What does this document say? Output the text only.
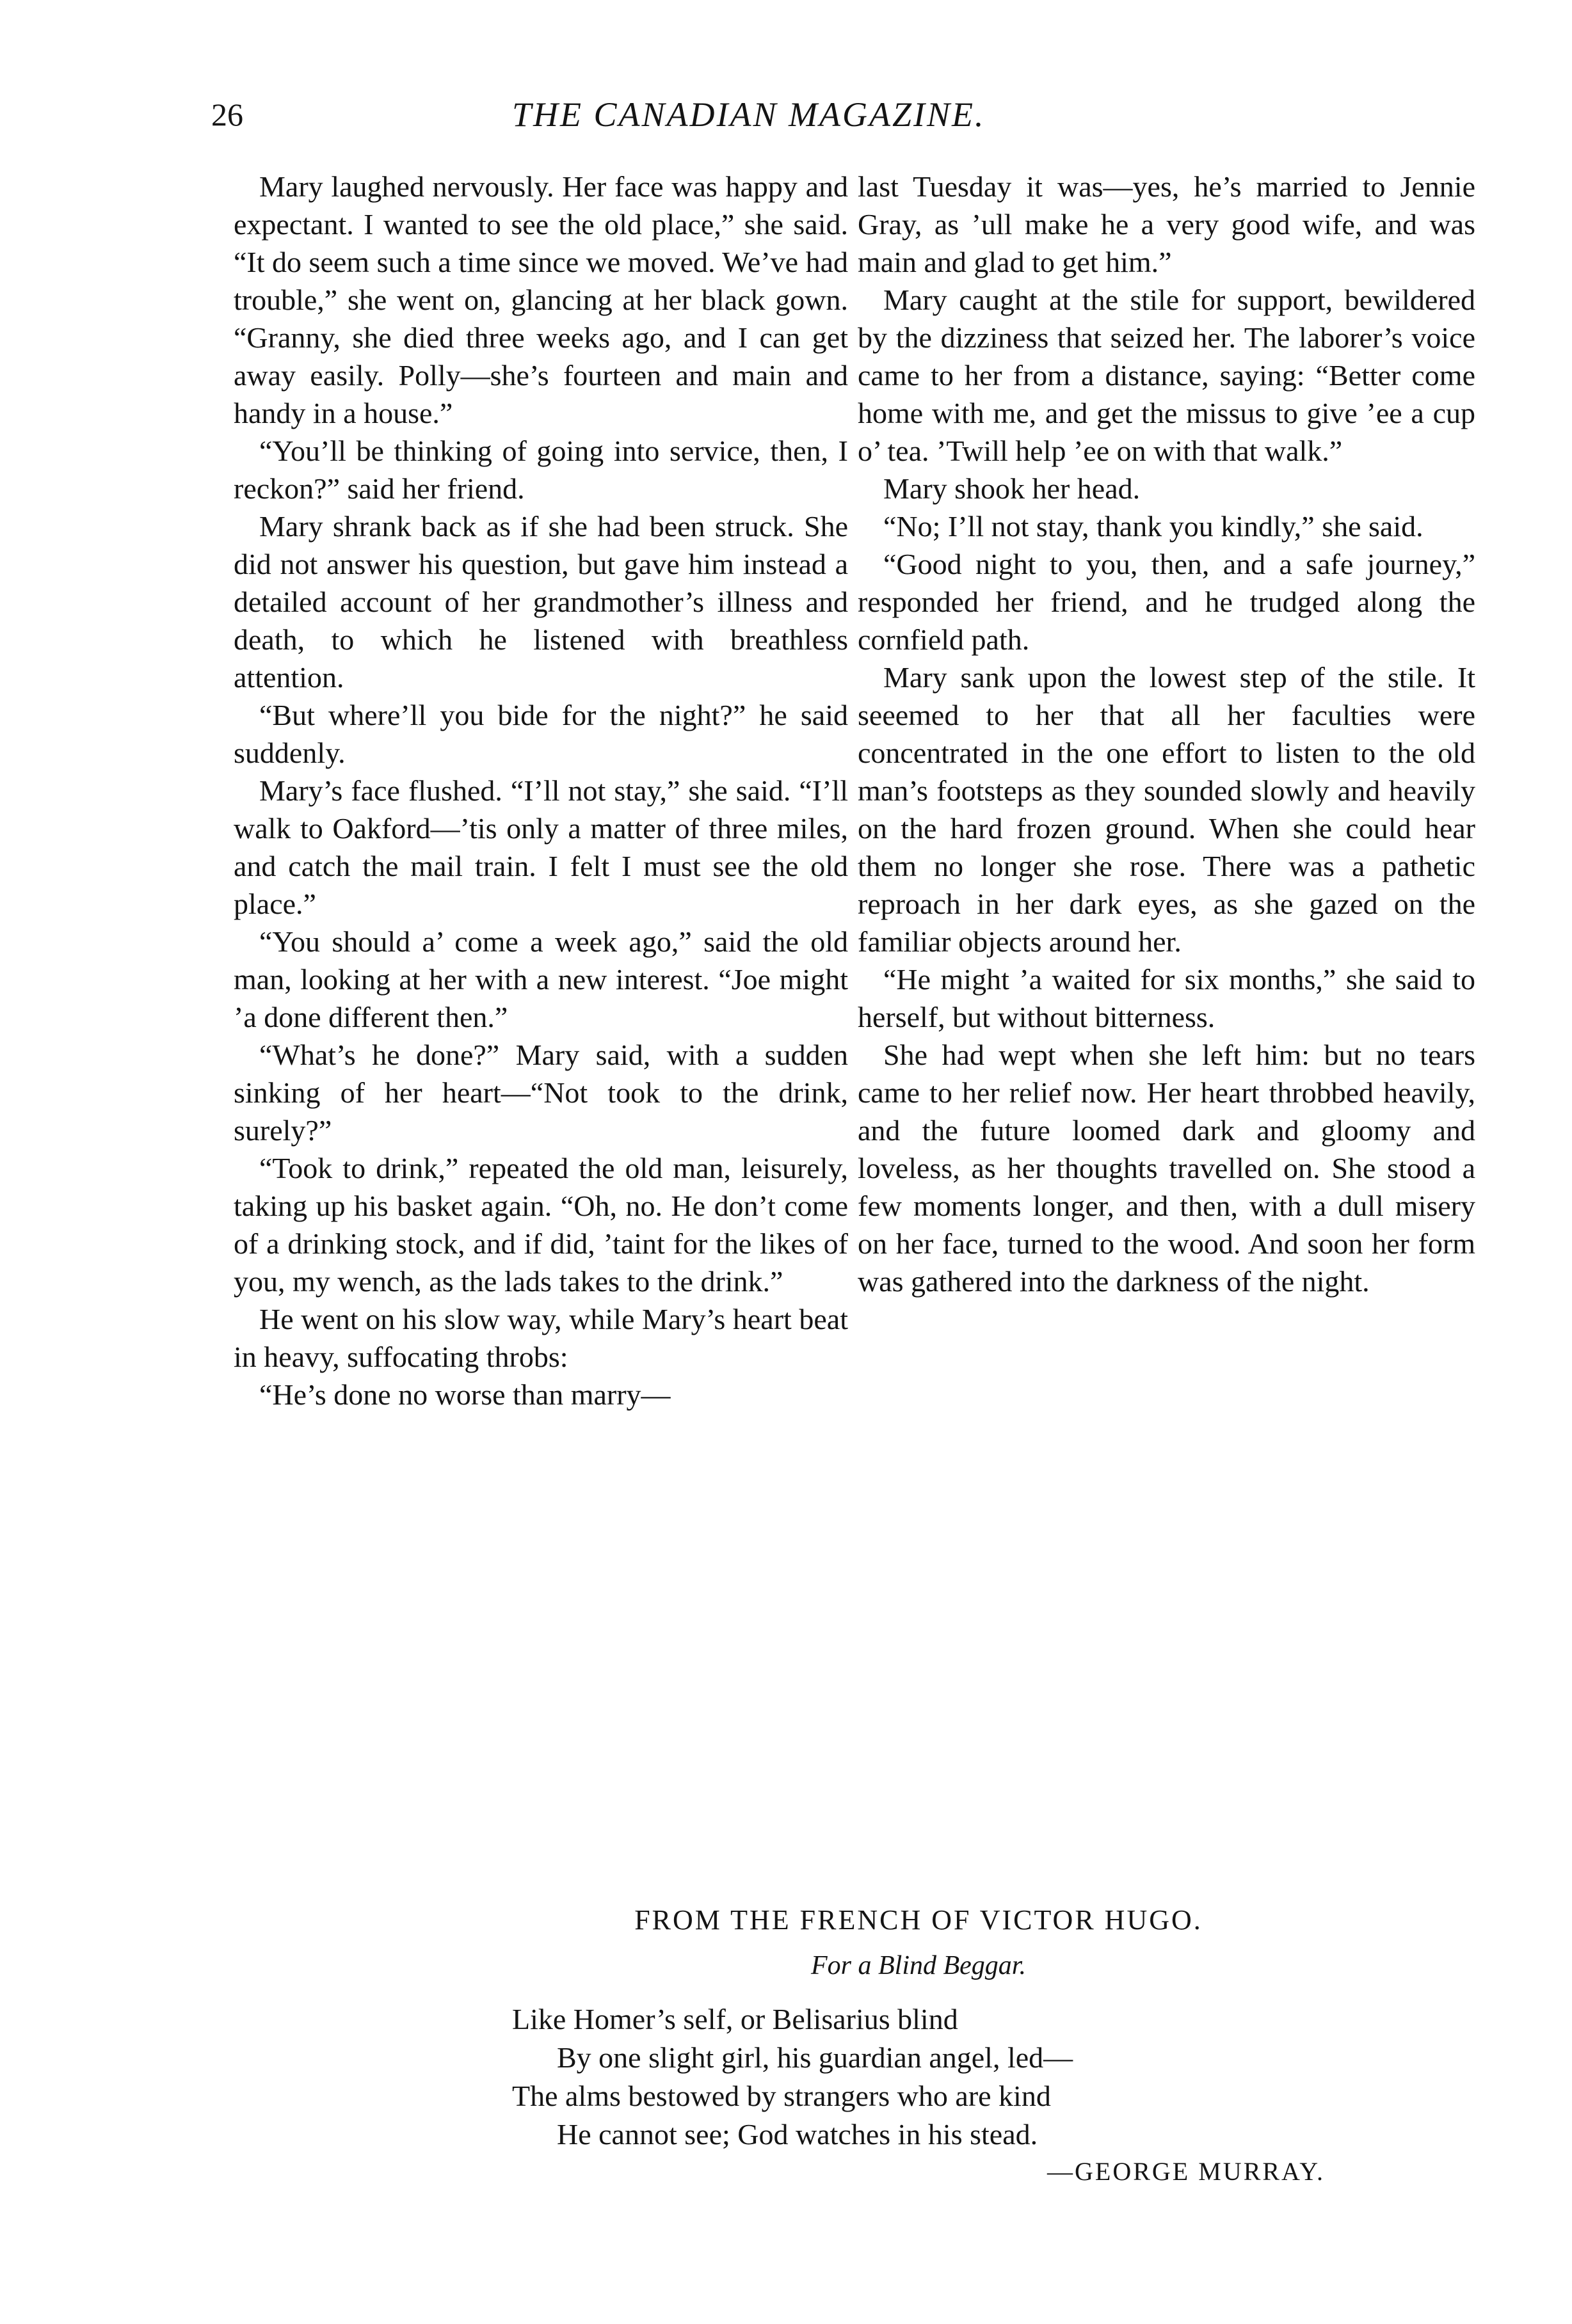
26	THE CANADIAN MAGAZINE.

Mary laughed nervously. Her face was happy and expectant. I wanted to see the old place,” she said. “It do seem such a time since we moved. We’ve had trouble,” she went on, glancing at her black gown. “Granny, she died three weeks ago, and I can get away easily. Polly—she’s fourteen and main and handy in a house.”

“You’ll be thinking of going into service, then, I reckon?” said her friend.

Mary shrank back as if she had been struck. She did not answer his question, but gave him instead a detailed account of her grandmother’s illness and death, to which he listened with breathless attention.

“But where’ll you bide for the night?” he said suddenly.

Mary’s face flushed. “I’ll not stay,” she said. “I’ll walk to Oakford—’tis only a matter of three miles, and catch the mail train. I felt I must see the old place.”

“You should a’ come a week ago,” said the old man, looking at her with a new interest. “Joe might ’a done different then.”

“What’s he done?” Mary said, with a sudden sinking of her heart—“Not took to the drink, surely?”

“Took to drink,” repeated the old man, leisurely, taking up his basket again. “Oh, no. He don’t come of a drinking stock, and if did, ’taint for the likes of you, my wench, as the lads takes to the drink.”

He went on his slow way, while Mary’s heart beat in heavy, suffocating throbs:

“He’s done no worse than marry—

last Tuesday it was—yes, he’s married to Jennie Gray, as ’ull make he a very good wife, and was main and glad to get him.”

Mary caught at the stile for support, bewildered by the dizziness that seized her. The laborer’s voice came to her from a distance, saying: “Better come home with me, and get the missus to give ’ee a cup o’ tea. ’Twill help ’ee on with that walk.”

Mary shook her head.

“No; I’ll not stay, thank you kindly,” she said.

“Good night to you, then, and a safe journey,” responded her friend, and he trudged along the cornfield path.

Mary sank upon the lowest step of the stile. It seeemed to her that all her faculties were concentrated in the one effort to listen to the old man’s footsteps as they sounded slowly and heavily on the hard frozen ground. When she could hear them no longer she rose. There was a pathetic reproach in her dark eyes, as she gazed on the familiar objects around her.

“He might ’a waited for six months,” she said to herself, but without bitterness.

She had wept when she left him: but no tears came to her relief now. Her heart throbbed heavily, and the future loomed dark and gloomy and loveless, as her thoughts travelled on. She stood a few moments longer, and then, with a dull misery on her face, turned to the wood. And soon her form was gathered into the darkness of the night.

FROM THE FRENCH OF VICTOR HUGO.
For a Blind Beggar.
Like Homer’s self, or Belisarius blind
By one slight girl, his guardian angel, led—
The alms bestowed by strangers who are kind
He cannot see; God watches in his stead.
—GEORGE MURRAY.
